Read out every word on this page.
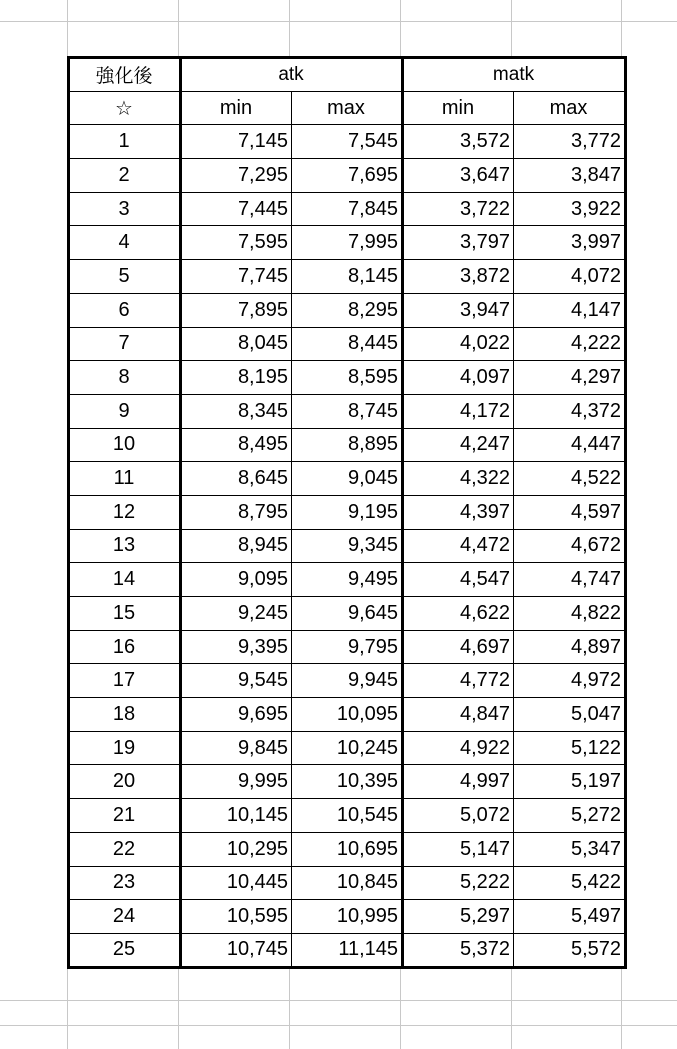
強化後	atk		matk	
☆	min	max	min	max
1	7,145	7,545	3,572	3,772
2	7,295	7,695	3,647	3,847
3	7,445	7,845	3,722	3,922
4	7,595	7,995	3,797	3,997
5	7,745	8,145	3,872	4,072
6	7,895	8,295	3,947	4,147
7	8,045	8,445	4,022	4,222
8	8,195	8,595	4,097	4,297
9	8,345	8,745	4,172	4,372
10	8,495	8,895	4,247	4,447
11	8,645	9,045	4,322	4,522
12	8,795	9,195	4,397	4,597
13	8,945	9,345	4,472	4,672
14	9,095	9,495	4,547	4,747
15	9,245	9,645	4,622	4,822
16	9,395	9,795	4,697	4,897
17	9,545	9,945	4,772	4,972
18	9,695	10,095	4,847	5,047
19	9,845	10,245	4,922	5,122
20	9,995	10,395	4,997	5,197
21	10,145	10,545	5,072	5,272
22	10,295	10,695	5,147	5,347
23	10,445	10,845	5,222	5,422
24	10,595	10,995	5,297	5,497
25	10,745	11,145	5,372	5,572
